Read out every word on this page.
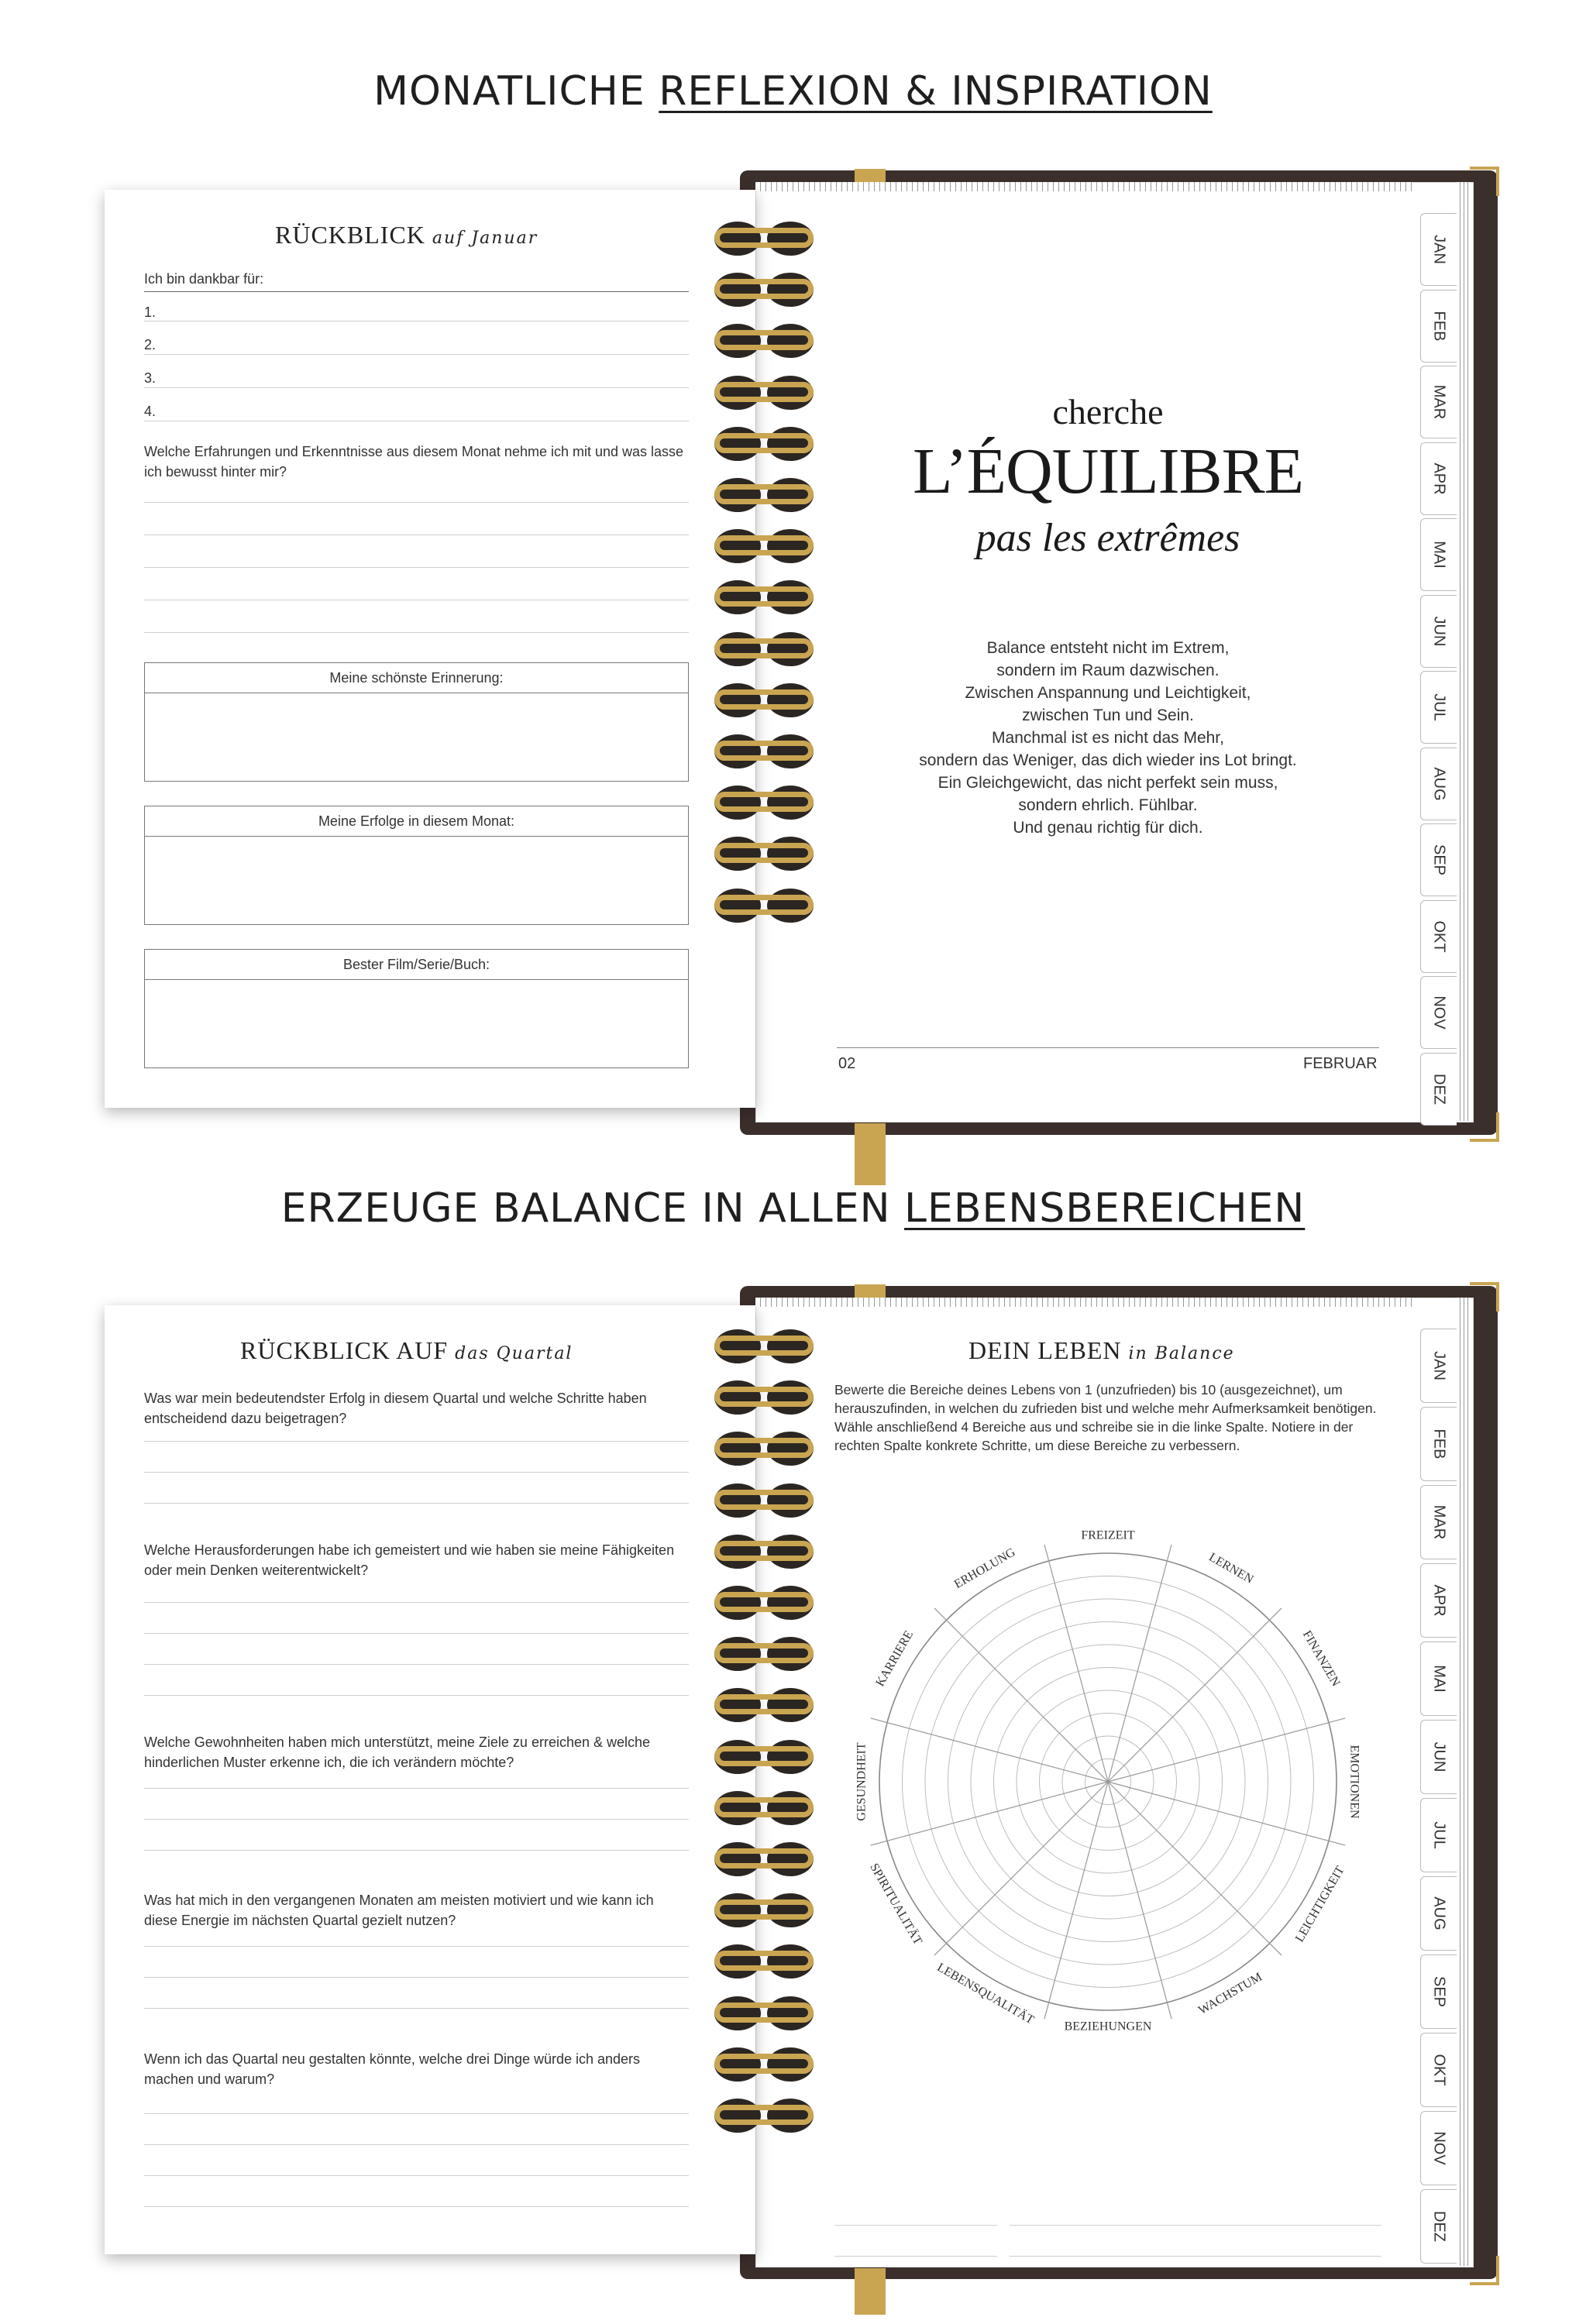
MONATLICHE REFLEXION & INSPIRATION
RÜCKBLICK auf Januar
Ich bin dankbar für:
1.
2.
3.
4.
Welche Erfahrungen und Erkenntnisse aus diesem Monat nehme ich mit und was lasse ich bewusst hinter mir?
Meine schönste Erinnerung:
Meine Erfolge in diesem Monat:
Bester Film/Serie/Buch:
cherche
L’ÉQUILIBRE
pas les extrêmes
Balance entsteht nicht im Extrem,
sondern im Raum dazwischen.
Zwischen Anspannung und Leichtigkeit,
zwischen Tun und Sein.
Manchmal ist es nicht das Mehr,
sondern das Weniger, das dich wieder ins Lot bringt.
Ein Gleichgewicht, das nicht perfekt sein muss,
sondern ehrlich. Fühlbar.
Und genau richtig für dich.
02	FEBRUAR
JAN
FEB
MAR
APR
MAI
JUN
JUL
AUG
SEP
OKT
NOV
DEZ
ERZEUGE BALANCE IN ALLEN LEBENSBEREICHEN
RÜCKBLICK AUF das Quartal
Was war mein bedeutendster Erfolg in diesem Quartal und welche Schritte haben entscheidend dazu beigetragen?
Welche Herausforderungen habe ich gemeistert und wie haben sie meine Fähigkeiten oder mein Denken weiterentwickelt?
Welche Gewohnheiten haben mich unterstützt, meine Ziele zu erreichen & welche hinderlichen Muster erkenne ich, die ich verändern möchte?
Was hat mich in den vergangenen Monaten am meisten motiviert und wie kann ich diese Energie im nächsten Quartal gezielt nutzen?
Wenn ich das Quartal neu gestalten könnte, welche drei Dinge würde ich anders machen und warum?
DEIN LEBEN in Balance
Bewerte die Bereiche deines Lebens von 1 (unzufrieden) bis 10 (ausgezeichnet), um herauszufinden, in welchen du zufrieden bist und welche mehr Aufmerksamkeit benötigen. Wähle anschließend 4 Bereiche aus und schreibe sie in die linke Spalte. Notiere in der rechten Spalte konkrete Schritte, um diese Bereiche zu verbessern.
FREIZEIT
LERNEN
FINANZEN
EMOTIONEN
LEICHTIGKEIT
WACHSTUM
BEZIEHUNGEN
LEBENSQUALITÄT
SPIRITUALITÄT
GESUNDHEIT
KARRIERE
ERHOLUNG
JAN
FEB
MAR
APR
MAI
JUN
JUL
AUG
SEP
OKT
NOV
DEZ
